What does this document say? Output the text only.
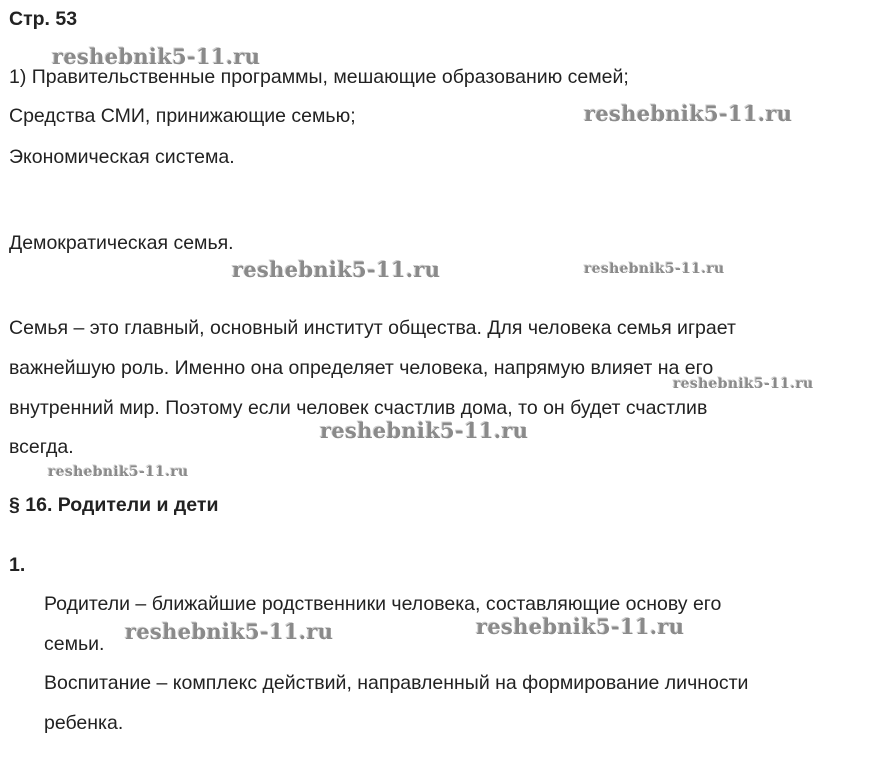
Стр. 53
1) Правительственные программы, мешающие образованию семей;
Средства СМИ, принижающие семью;
Экономическая система.
Демократическая семья.
Семья – это главный, основный институт общества. Для человека семья играет
важнейшую роль. Именно она определяет человека, напрямую влияет на его
внутренний мир. Поэтому если человек счастлив дома, то он будет счастлив
всегда.
§ 16. Родители и дети
1.
Родители – ближайшие родственники человека, составляющие основу его
семьи.
Воспитание – комплекс действий, направленный на формирование личности
ребенка.
reshebnik5-11.ru
reshebnik5-11.ru
reshebnik5-11.ru	reshebnik5-11.ru
reshebnik5-11.ru
reshebnik5-11.ru
reshebnik5-11.ru
reshebnik5-11.ru	reshebnik5-11.ru
